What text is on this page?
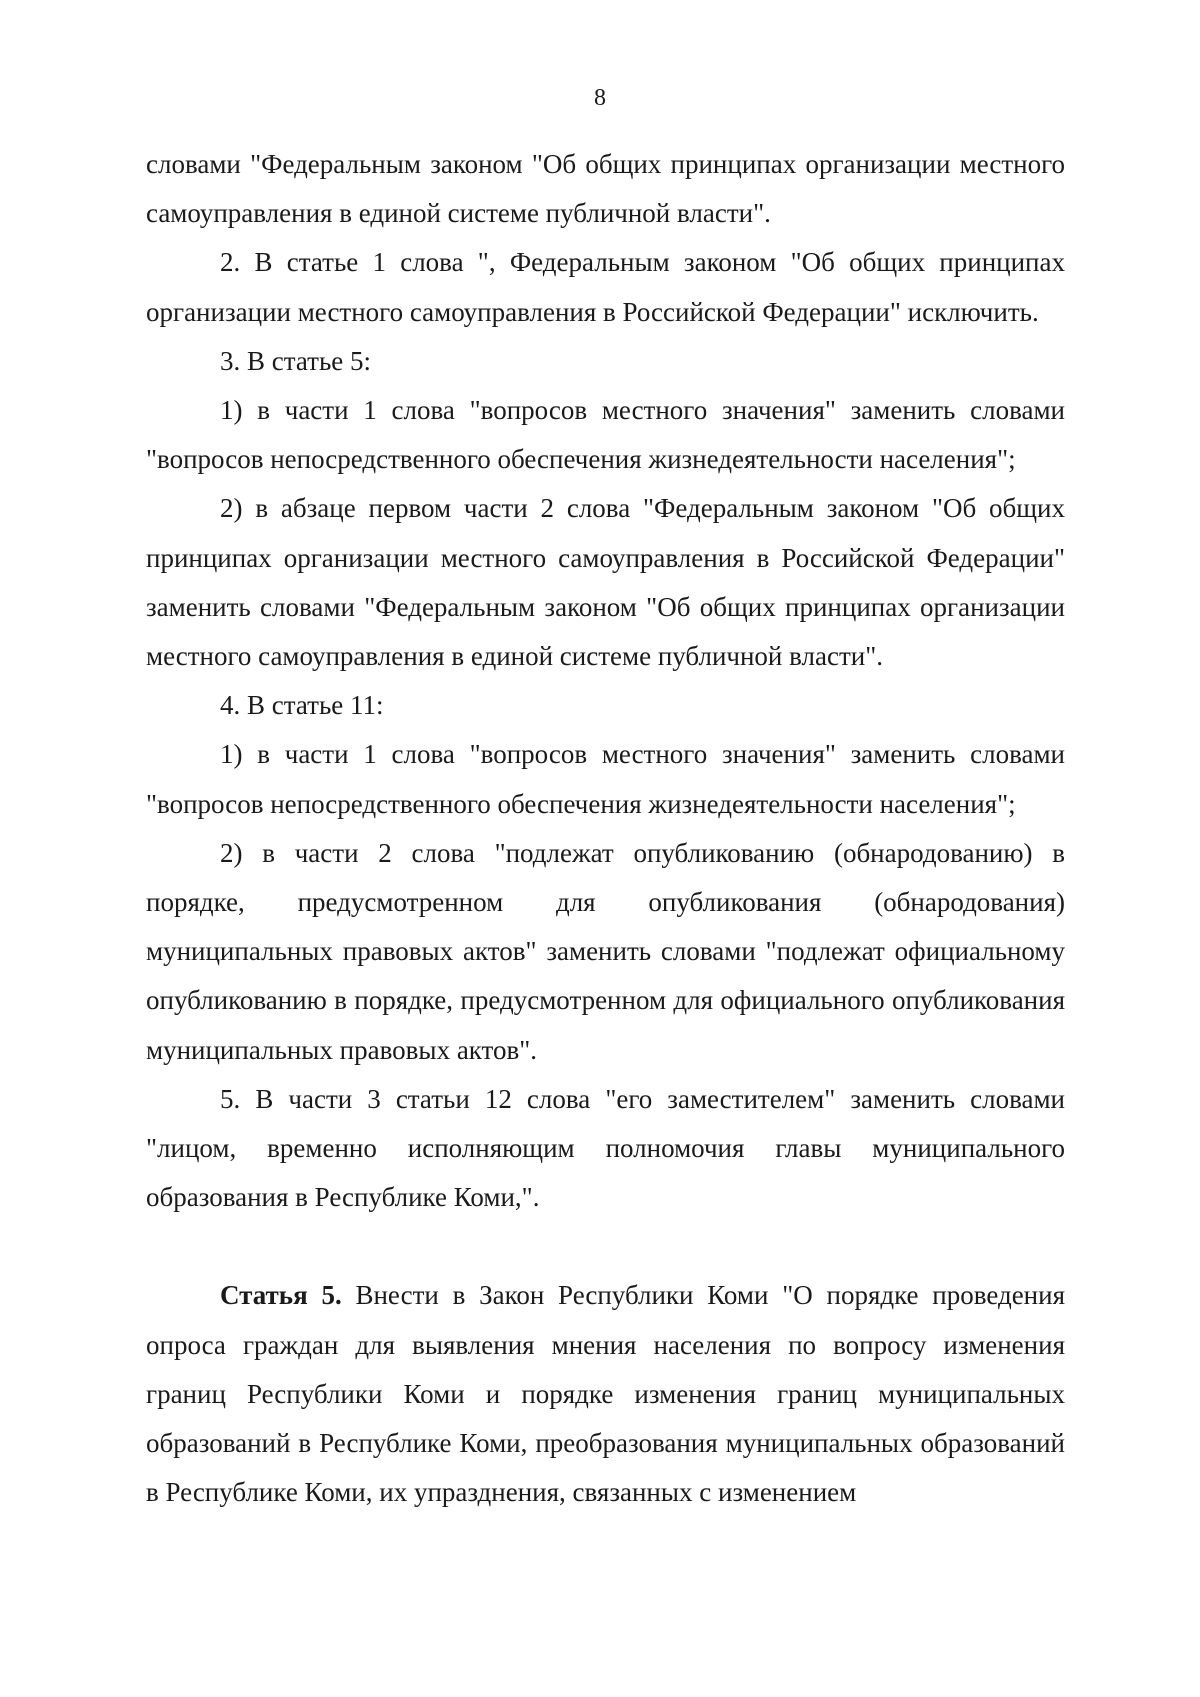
8

словами "Федеральным законом "Об общих принципах организации местного самоуправления в единой системе публичной власти".

2. В статье 1 слова ", Федеральным законом "Об общих принципах организации местного самоуправления в Российской Федерации" исключить.

3. В статье 5:

1) в части 1 слова "вопросов местного значения" заменить словами "вопросов непосредственного обеспечения жизнедеятельности населения";

2) в абзаце первом части 2 слова "Федеральным законом "Об общих принципах организации местного самоуправления в Российской Федерации" заменить словами "Федеральным законом "Об общих принципах организации местного самоуправления в единой системе публичной власти".

4. В статье 11:

1) в части 1 слова "вопросов местного значения" заменить словами "вопросов непосредственного обеспечения жизнедеятельности населения";

2) в части 2 слова "подлежат опубликованию (обнародованию) в порядке, предусмотренном для опубликования (обнародования) муниципальных правовых актов" заменить словами "подлежат официальному опубликованию в порядке, предусмотренном для официального опубликования муниципальных правовых актов".

5. В части 3 статьи 12 слова "его заместителем" заменить словами "лицом, временно исполняющим полномочия главы муниципального образования в Республике Коми,".

Статья 5. Внести в Закон Республики Коми "О порядке проведения опроса граждан для выявления мнения населения по вопросу изменения границ Республики Коми и порядке изменения границ муниципальных образований в Республике Коми, преобразования муниципальных образований в Республике Коми, их упразднения, связанных с изменением
